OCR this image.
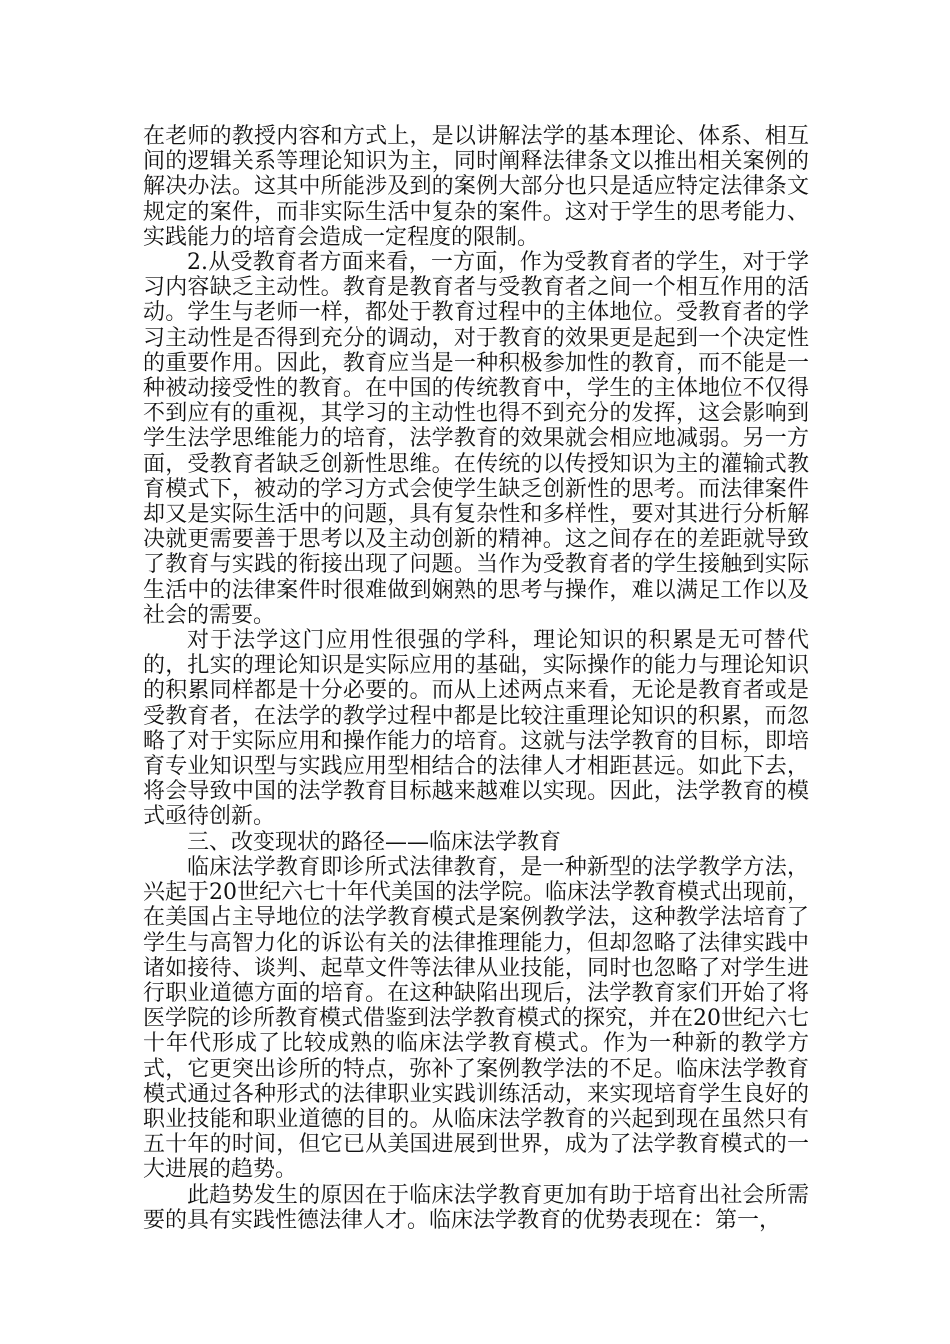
在老师的教授内容和方式上，是以讲解法学的基本理论、体系、相互间的逻辑关系等理论知识为主，同时阐释法律条文以推出相关案例的解决办法。这其中所能涉及到的案例大部分也只是适应特定法律条文规定的案件，而非实际生活中复杂的案件。这对于学生的思考能力、实践能力的培育会造成一定程度的限制。

2.从受教育者方面来看，一方面，作为受教育者的学生，对于学习内容缺乏主动性。教育是教育者与受教育者之间一个相互作用的活动。学生与老师一样，都处于教育过程中的主体地位。受教育者的学习主动性是否得到充分的调动，对于教育的效果更是起到一个决定性的重要作用。因此，教育应当是一种积极参加性的教育，而不能是一种被动接受性的教育。在中国的传统教育中，学生的主体地位不仅得不到应有的重视，其学习的主动性也得不到充分的发挥，这会影响到学生法学思维能力的培育，法学教育的效果就会相应地减弱。另一方面，受教育者缺乏创新性思维。在传统的以传授知识为主的灌输式教育模式下，被动的学习方式会使学生缺乏创新性的思考。而法律案件却又是实际生活中的问题，具有复杂性和多样性，要对其进行分析解决就更需要善于思考以及主动创新的精神。这之间存在的差距就导致了教育与实践的衔接出现了问题。当作为受教育者的学生接触到实际生活中的法律案件时很难做到娴熟的思考与操作，难以满足工作以及社会的需要。

对于法学这门应用性很强的学科，理论知识的积累是无可替代的，扎实的理论知识是实际应用的基础，实际操作的能力与理论知识的积累同样都是十分必要的。而从上述两点来看，无论是教育者或是受教育者，在法学的教学过程中都是比较注重理论知识的积累，而忽略了对于实际应用和操作能力的培育。这就与法学教育的目标，即培育专业知识型与实践应用型相结合的法律人才相距甚远。如此下去，将会导致中国的法学教育目标越来越难以实现。因此，法学教育的模式亟待创新。

三、改变现状的路径——临床法学教育

临床法学教育即诊所式法律教育，是一种新型的法学教学方法，兴起于20世纪六七十年代美国的法学院。临床法学教育模式出现前，在美国占主导地位的法学教育模式是案例教学法，这种教学法培育了学生与高智力化的诉讼有关的法律推理能力，但却忽略了法律实践中诸如接待、谈判、起草文件等法律从业技能，同时也忽略了对学生进行职业道德方面的培育。在这种缺陷出现后，法学教育家们开始了将医学院的诊所教育模式借鉴到法学教育模式的探究，并在20世纪六七十年代形成了比较成熟的临床法学教育模式。作为一种新的教学方式，它更突出诊所的特点，弥补了案例教学法的不足。临床法学教育模式通过各种形式的法律职业实践训练活动，来实现培育学生良好的职业技能和职业道德的目的。从临床法学教育的兴起到现在虽然只有五十年的时间，但它已从美国进展到世界，成为了法学教育模式的一大进展的趋势。

此趋势发生的原因在于临床法学教育更加有助于培育出社会所需要的具有实践性德法律人才。临床法学教育的优势表现在：第一，
